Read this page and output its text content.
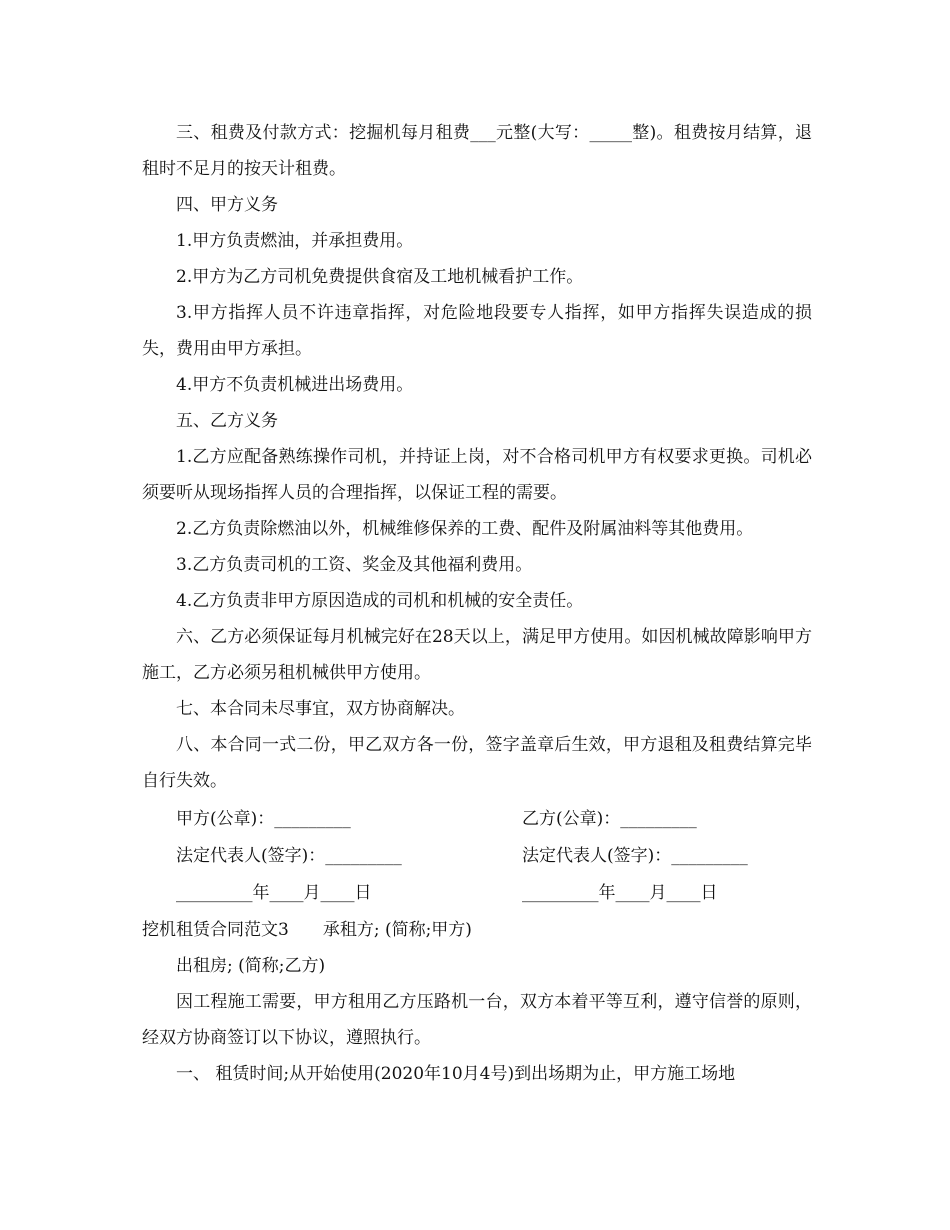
三、租费及付款方式：挖掘机每月租费___元整(大写：_____整)。租费按月结算，退租时不足月的按天计租费。

四、甲方义务

1.甲方负责燃油，并承担费用。

2.甲方为乙方司机免费提供食宿及工地机械看护工作。

3.甲方指挥人员不许违章指挥，对危险地段要专人指挥，如甲方指挥失误造成的损失，费用由甲方承担。

4.甲方不负责机械进出场费用。

五、乙方义务

1.乙方应配备熟练操作司机，并持证上岗，对不合格司机甲方有权要求更换。司机必须要听从现场指挥人员的合理指挥，以保证工程的需要。

2.乙方负责除燃油以外，机械维修保养的工费、配件及附属油料等其他费用。

3.乙方负责司机的工资、奖金及其他福利费用。

4.乙方负责非甲方原因造成的司机和机械的安全责任。

六、乙方必须保证每月机械完好在28天以上，满足甲方使用。如因机械故障影响甲方施工，乙方必须另租机械供甲方使用。

七、本合同未尽事宜，双方协商解决。

八、本合同一式二份，甲乙双方各一份，签字盖章后生效，甲方退租及租费结算完毕自行失效。

甲方(公章)：_________	乙方(公章)：_________
法定代表人(签字)：_________	法定代表人(签字)：_________
_________年____月____日	_________年____月____日

挖机租赁合同范文3　　承租方; (简称;甲方)

出租房; (简称;乙方)

因工程施工需要，甲方租用乙方压路机一台，双方本着平等互利，遵守信誉的原则，经双方协商签订以下协议，遵照执行。

一、 租赁时间;从开始使用(2020年10月4号)到出场期为止，甲方施工场地
